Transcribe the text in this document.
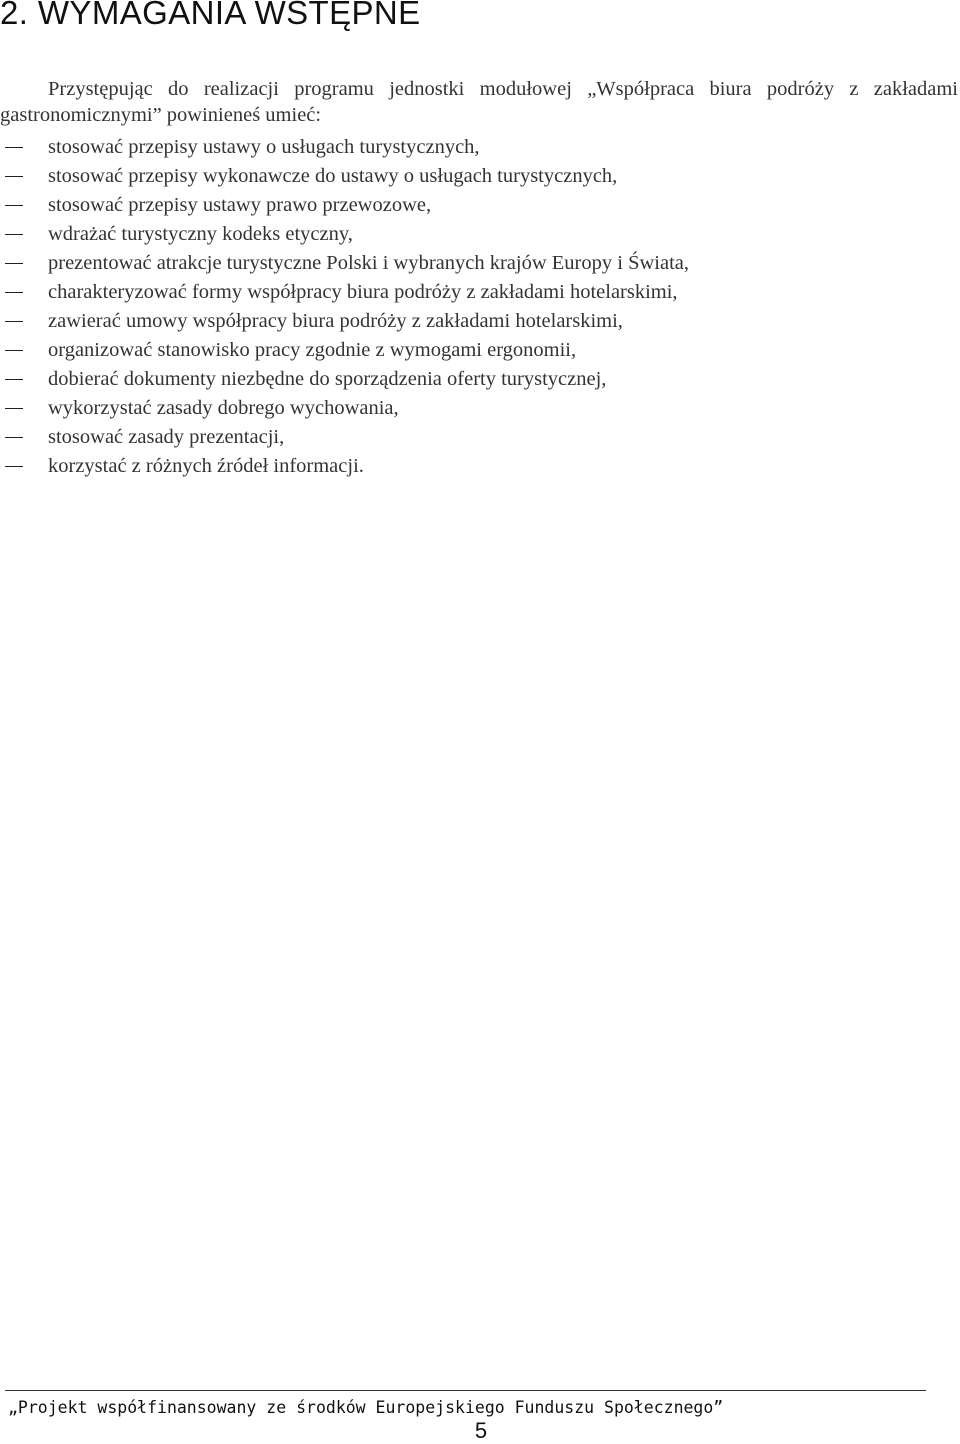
2. WYMAGANIA WSTĘPNE

Przystępując do realizacji programu jednostki modułowej „Współpraca biura podróży z zakładami gastronomicznymi” powinieneś umieć:

stosować przepisy ustawy o usługach turystycznych,
stosować przepisy wykonawcze do ustawy o usługach turystycznych,
stosować przepisy ustawy prawo przewozowe,
wdrażać turystyczny kodeks etyczny,
prezentować atrakcje turystyczne Polski i wybranych krajów Europy i Świata,
charakteryzować formy współpracy biura podróży z zakładami hotelarskimi,
zawierać umowy współpracy biura podróży z zakładami hotelarskimi,
organizować stanowisko pracy zgodnie z wymogami ergonomii,
dobierać dokumenty niezbędne do sporządzenia oferty turystycznej,
wykorzystać zasady dobrego wychowania,
stosować zasady prezentacji,
korzystać z różnych źródeł informacji.

„Projekt współfinansowany ze środków Europejskiego Funduszu Społecznego”

5
